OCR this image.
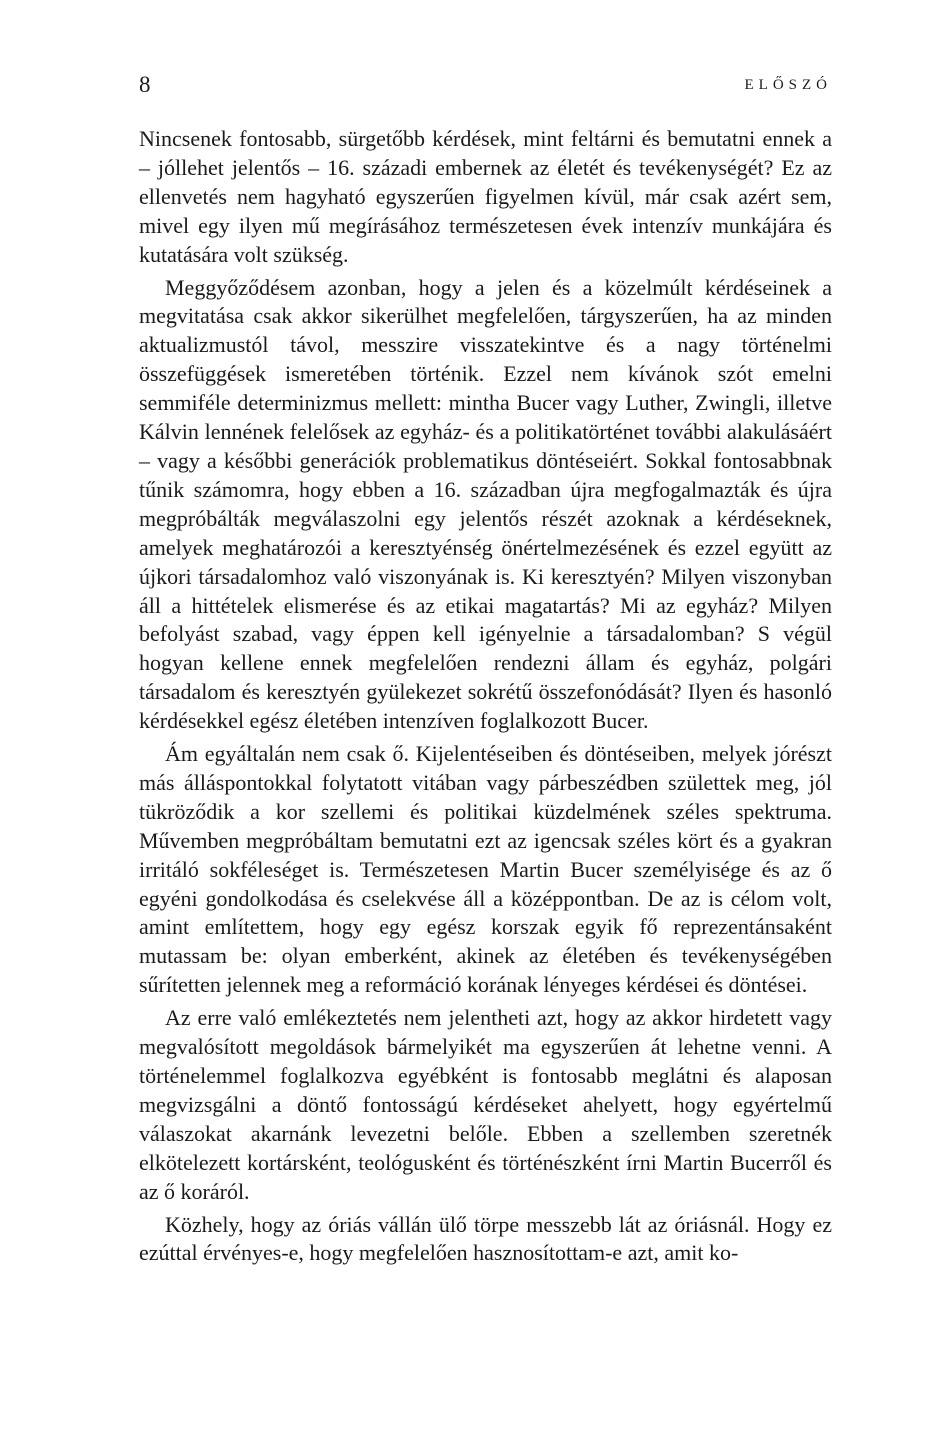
8	ELŐSZÓ

Nincsenek fontosabb, sürgetőbb kérdések, mint feltárni és bemutatni ennek a – jóllehet jelentős – 16. századi embernek az életét és tevékenységét? Ez az ellenvetés nem hagyható egyszerűen figyelmen kívül, már csak azért sem, mivel egy ilyen mű megírásához természetesen évek intenzív munkájára és kutatására volt szükség.

Meggyőződésem azonban, hogy a jelen és a közelmúlt kérdéseinek a megvitatása csak akkor sikerülhet megfelelően, tárgyszerűen, ha az minden aktualizmustól távol, messzire visszatekintve és a nagy történelmi összefüggések ismeretében történik. Ezzel nem kívánok szót emelni semmiféle determinizmus mellett: mintha Bucer vagy Luther, Zwingli, illetve Kálvin lennének felelősek az egyház- és a politikatörténet további alakulásáért – vagy a későbbi generációk problematikus döntéseiért. Sokkal fontosabbnak tűnik számomra, hogy ebben a 16. században újra megfogalmazták és újra megpróbálták megválaszolni egy jelentős részét azoknak a kérdéseknek, amelyek meghatározói a keresztyénség önértelmezésének és ezzel együtt az újkori társadalomhoz való viszonyának is. Ki keresztyén? Milyen viszonyban áll a hittételek elismerése és az etikai magatartás? Mi az egyház? Milyen befolyást szabad, vagy éppen kell igényelnie a társadalomban? S végül hogyan kellene ennek megfelelően rendezni állam és egyház, polgári társadalom és keresztyén gyülekezet sokrétű összefonódását? Ilyen és hasonló kérdésekkel egész életében intenzíven foglalkozott Bucer.

Ám egyáltalán nem csak ő. Kijelentéseiben és döntéseiben, melyek jórészt más álláspontokkal folytatott vitában vagy párbeszédben születtek meg, jól tükröződik a kor szellemi és politikai küzdelmének széles spektruma. Művemben megpróbáltam bemutatni ezt az igencsak széles kört és a gyakran irritáló sokféleséget is. Természetesen Martin Bucer személyisége és az ő egyéni gondolkodása és cselekvése áll a középpontban. De az is célom volt, amint említettem, hogy egy egész korszak egyik fő reprezentánsaként mutassam be: olyan emberként, akinek az életében és tevékenységében sűrítetten jelennek meg a reformáció korának lényeges kérdései és döntései.

Az erre való emlékeztetés nem jelentheti azt, hogy az akkor hirdetett vagy megvalósított megoldások bármelyikét ma egyszerűen át lehetne venni. A történelemmel foglalkozva egyébként is fontosabb meglátni és alaposan megvizsgálni a döntő fontosságú kérdéseket ahelyett, hogy egyértelmű válaszokat akarnánk levezetni belőle. Ebben a szellemben szeretnék elkötelezett kortársként, teológusként és történészként írni Martin Bucerről és az ő koráról.

Közhely, hogy az óriás vállán ülő törpe messzebb lát az óriásnál. Hogy ez ezúttal érvényes-e, hogy megfelelően hasznosítottam-e azt, amit ko-
